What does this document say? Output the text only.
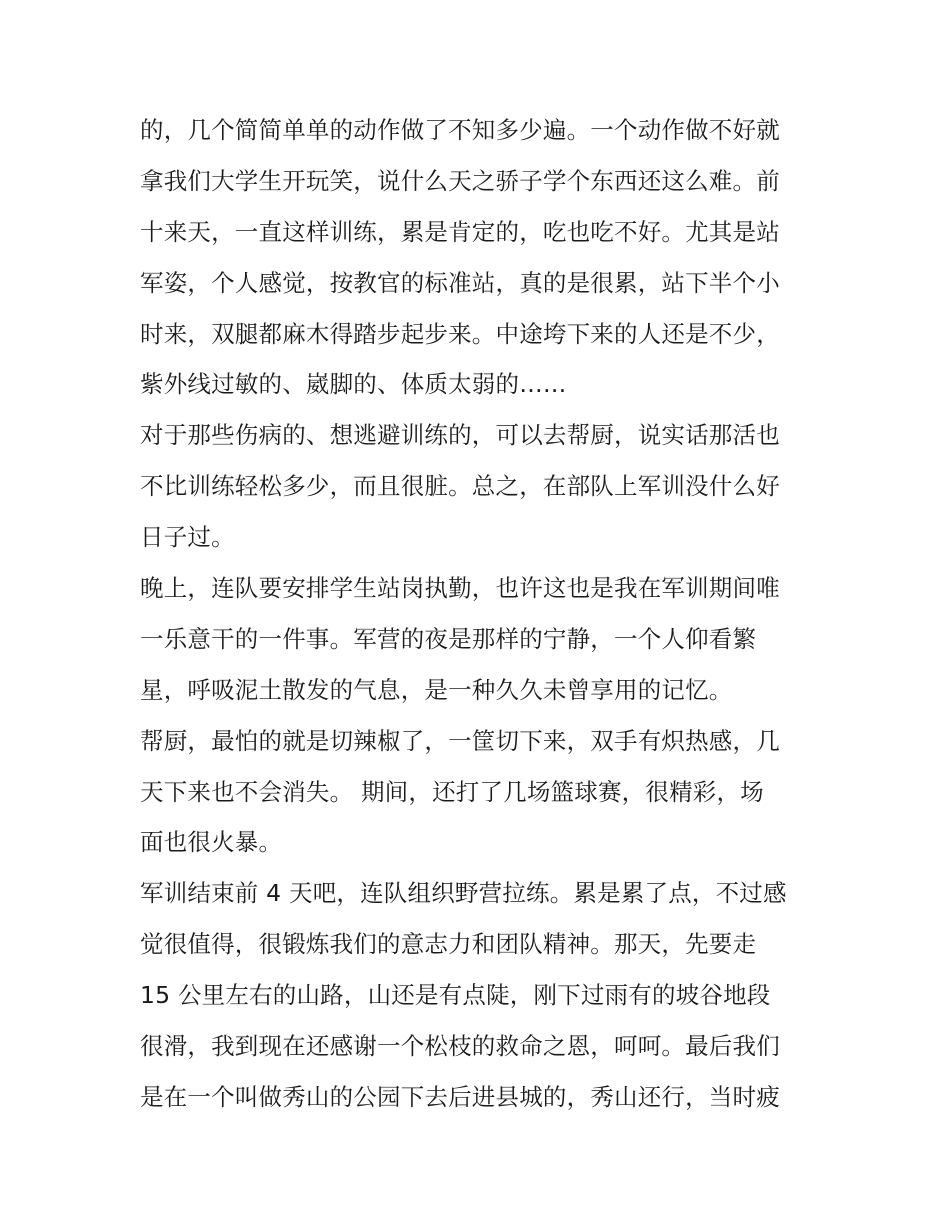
的，几个简简单单的动作做了不知多少遍。一个动作做不好就
拿我们大学生开玩笑，说什么天之骄子学个东西还这么难。前
十来天，一直这样训练，累是肯定的，吃也吃不好。尤其是站
军姿，个人感觉，按教官的标准站，真的是很累，站下半个小
时来，双腿都麻木得踏步起步来。中途垮下来的人还是不少，
紫外线过敏的、崴脚的、体质太弱的……
对于那些伤病的、想逃避训练的，可以去帮厨，说实话那活也
不比训练轻松多少，而且很脏。总之，在部队上军训没什么好
日子过。
晚上，连队要安排学生站岗执勤，也许这也是我在军训期间唯
一乐意干的一件事。军营的夜是那样的宁静，一个人仰看繁
星，呼吸泥土散发的气息，是一种久久未曾享用的记忆。
帮厨，最怕的就是切辣椒了，一筐切下来，双手有炽热感，几
天下来也不会消失。 期间，还打了几场篮球赛，很精彩，场
面也很火暴。
军训结束前 4 天吧，连队组织野营拉练。累是累了点，不过感
觉很值得，很锻炼我们的意志力和团队精神。那天，先要走
15 公里左右的山路，山还是有点陡，刚下过雨有的坡谷地段
很滑，我到现在还感谢一个松枝的救命之恩，呵呵。最后我们
是在一个叫做秀山的公园下去后进县城的，秀山还行，当时疲
